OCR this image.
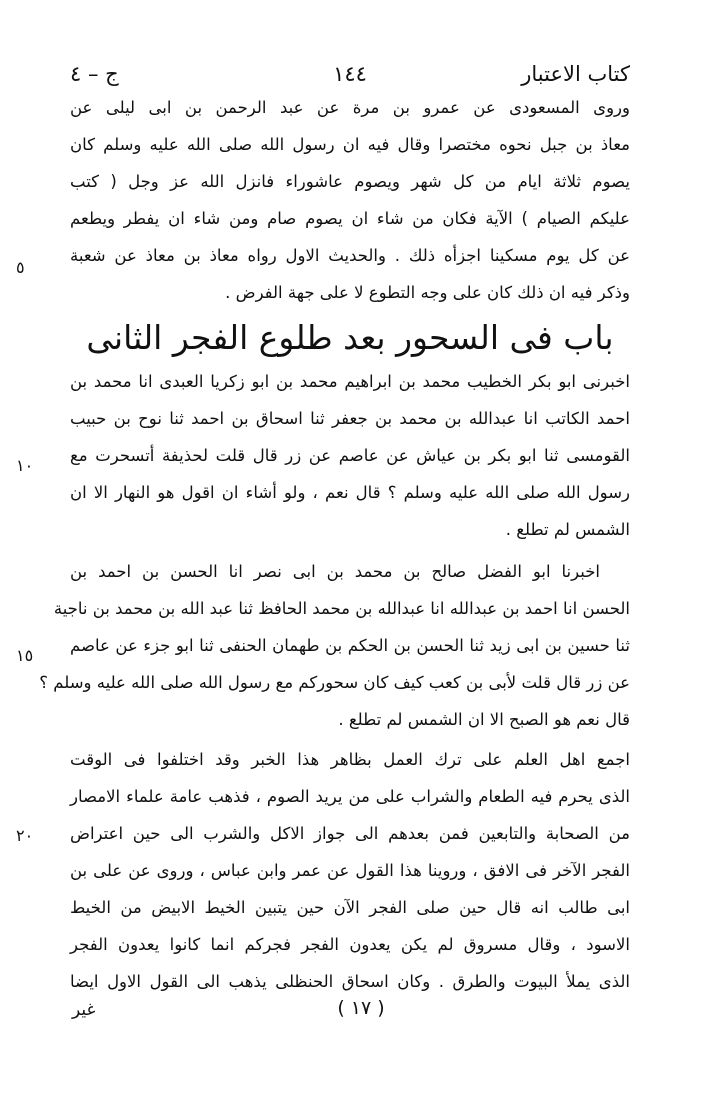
كتاب الاعتبار
١٤٤
ج – ٤
وروى المسعودى عن عمرو بن مرة عن عبد الرحمن بن ابى ليلى عن
معاذ بن جبل نحوه مختصرا وقال فيه ان رسول الله صلى الله عليه وسلم كان
يصوم ثلاثة ايام من كل شهر ويصوم عاشوراء فانزل الله عز وجل ( كتب
عليكم الصيام ) الآية فكان من شاء ان يصوم صام ومن شاء ان يفطر ويطعم
عن كل يوم مسكينا اجزأه ذلك . والحديث الاول رواه معاذ بن معاذ عن شعبة
وذكر فيه ان ذلك كان على وجه التطوع لا على جهة الفرض .
باب فى السحور بعد طلوع الفجر الثانى
اخبرنى ابو بكر الخطيب محمد بن ابراهيم محمد بن ابو زكريا العبدى انا محمد بن
احمد الكاتب انا عبدالله بن محمد بن جعفر ثنا اسحاق بن احمد ثنا نوح بن حبيب
القومسى ثنا ابو بكر بن عياش عن عاصم عن زر قال قلت لحذيفة أتسحرت مع
رسول الله صلى الله عليه وسلم ؟ قال نعم ، ولو أشاء ان اقول هو النهار الا ان
الشمس لم تطلع .
اخبرنا ابو الفضل صالح بن محمد بن ابى نصر انا الحسن بن احمد بن
الحسن انا احمد بن عبدالله انا عبدالله بن محمد الحافظ ثنا عبد الله بن محمد بن ناجية
ثنا حسين بن ابى زيد ثنا الحسن بن الحكم بن طهمان الحنفى ثنا ابو جزء عن عاصم
عن زر قال قلت لأبى بن كعب كيف كان سحوركم مع رسول الله صلى الله عليه وسلم ؟
قال نعم هو الصبح الا ان الشمس لم تطلع .
اجمع اهل العلم على ترك العمل بظاهر هذا الخبر وقد اختلفوا فى الوقت
الذى يحرم فيه الطعام والشراب على من يريد الصوم ، فذهب عامة علماء الامصار
من الصحابة والتابعين فمن بعدهم الى جواز الاكل والشرب الى حين اعتراض
الفجر الآخر فى الافق ، وروينا هذا القول عن عمر وابن عباس ، وروى عن على بن
ابى طالب انه قال حين صلى الفجر الآن حين يتبين الخيط الابيض من الخيط
الاسود ، وقال مسروق لم يكن يعدون الفجر فجركم انما كانوا يعدون الفجر
الذى يملأ البيوت والطرق . وكان اسحاق الحنظلى يذهب الى القول الاول ايضا
٥
١٠
١٥
٢٠
غير	( ١٧ )
